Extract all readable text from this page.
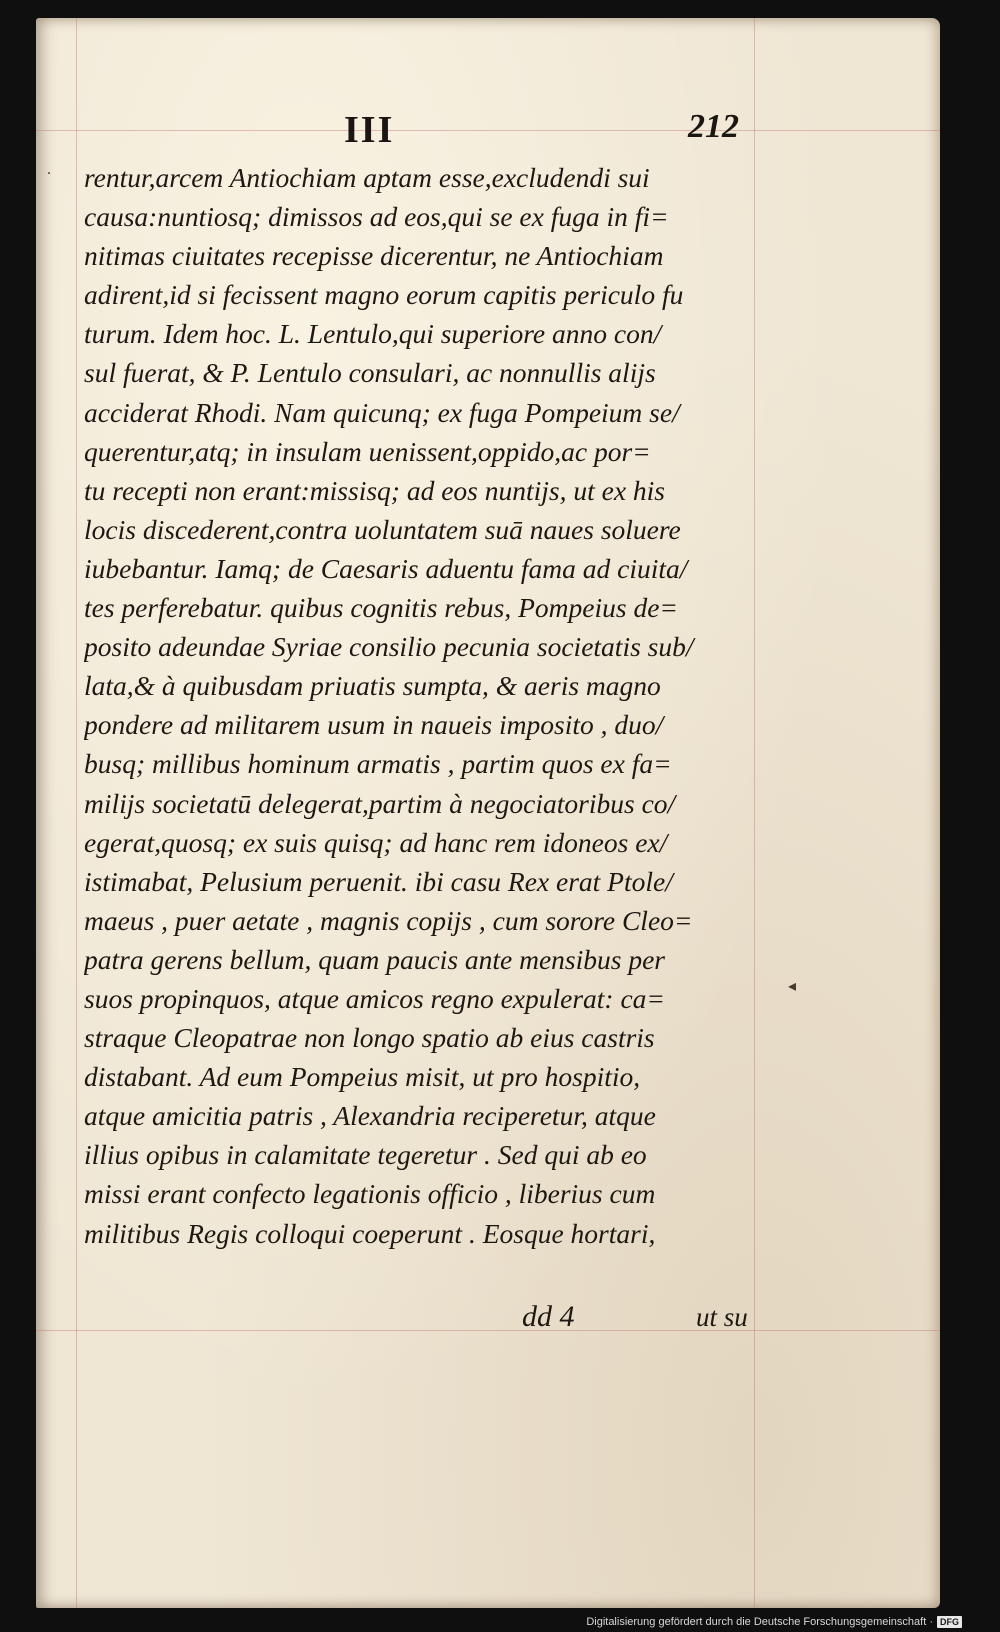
III	212
rentur,arcem Antiochiam aptam esse,excludendi sui
causa:nuntiosq; dimissos ad eos,qui se ex fuga in fi=
nitimas ciuitates recepisse dicerentur, ne Antiochiam
adirent,id si fecissent magno eorum capitis periculo fu
turum. Idem hoc. L. Lentulo,qui superiore anno con/
sul fuerat, & P. Lentulo consulari, ac nonnullis alijs
acciderat Rhodi. Nam quicunq; ex fuga Pompeium se/
querentur,atq; in insulam uenissent,oppido,ac por=
tu recepti non erant:missisq; ad eos nuntijs, ut ex his
locis discederent,contra uoluntatem suā naues soluere
iubebantur. Iamq; de Caesaris aduentu fama ad ciuita/
tes perferebatur. quibus cognitis rebus, Pompeius de=
posito adeundae Syriae consilio pecunia societatis sub/
lata,& à quibusdam priuatis sumpta, & aeris magno
pondere ad militarem usum in naueis imposito , duo/
busq; millibus hominum armatis , partim quos ex fa=
milijs societatū delegerat,partim à negociatoribus co/
egerat,quosq; ex suis quisq; ad hanc rem idoneos ex/
istimabat, Pelusium peruenit. ibi casu Rex erat Ptole/
maeus , puer aetate , magnis copijs , cum sorore Cleo=
patra gerens bellum, quam paucis ante mensibus per
suos propinquos, atque amicos regno expulerat: ca=
straque Cleopatrae non longo spatio ab eius castris
distabant. Ad eum Pompeius misit, ut pro hospitio,
atque amicitia patris , Alexandria reciperetur, atque
illius opibus in calamitate tegeretur . Sed qui ab eo
missi erant confecto legationis officio , liberius cum
militibus Regis colloqui coeperunt . Eosque hortari,
dd 4	ut su
˙
◂
Digitalisierung gefördert durch die Deutsche Forschungsgemeinschaft · DFG
